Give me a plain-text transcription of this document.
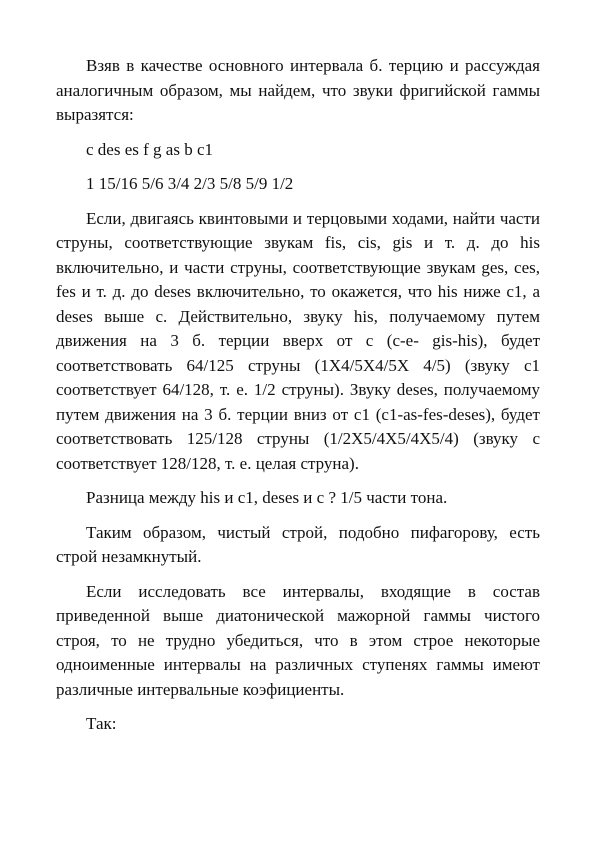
Взяв в качестве основного интервала б. терцию и рассуждая аналогичным образом, мы найдем, что звуки фригийской гаммы выразятся:

c des es f g as b c1

1 15/16 5/6 3/4 2/3 5/8 5/9 1/2

Если, двигаясь квинтовыми и терцовыми ходами, найти части струны, соответствующие звукам fis, cis, gis и т. д. до his включительно, и части струны, соответствующие звукам ges, ces, fes и т. д. до deses включительно, то окажется, что his ниже c1, а deses выше c. Действительно, звуку his, получаемому путем движения на 3 б. терции вверх от c (c-e- gis-his), будет соответствовать 64/125 струны (1X4/5X4/5X 4/5) (звуку c1 соответствует 64/128, т. е. 1/2 струны). Звуку deses, получаемому путем движения на 3 б. терции вниз от c1 (c1-as-fes-deses), будет соответствовать 125/128 струны (1/2X5/4X5/4X5/4) (звуку c соответствует 128/128, т. е. целая струна).

Разница между his и c1, deses и c ? 1/5 части тона.

Таким образом, чистый строй, подобно пифагорову, есть строй незамкнутый.

Если исследовать все интервалы, входящие в состав приведенной выше диатонической мажорной гаммы чистого строя, то не трудно убедиться, что в этом строе некоторые одноименные интервалы на различных ступенях гаммы имеют различные интервальные коэфициенты.

Так:
